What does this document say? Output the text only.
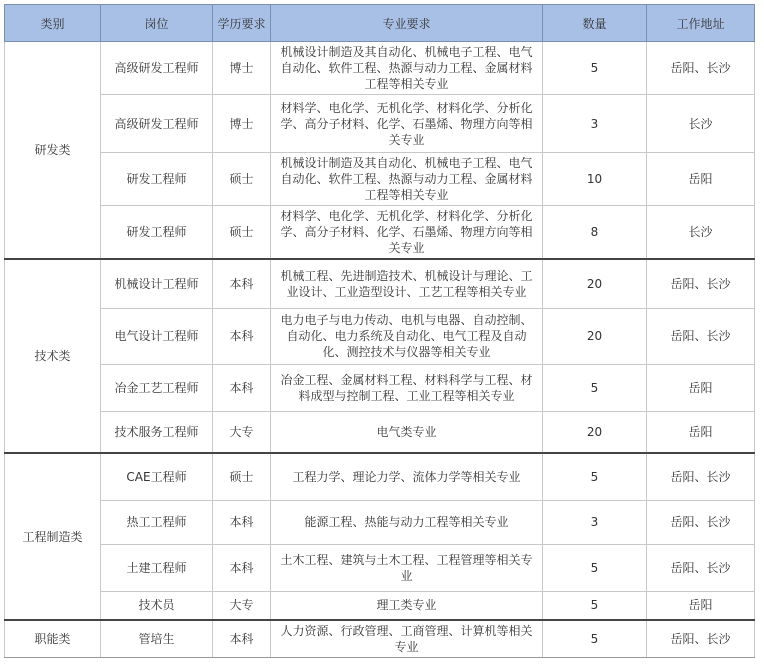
类别	岗位	学历要求	专业要求	数量	工作地址
研发类	高级研发工程师	博士	机械设计制造及其自动化、机械电子工程、电气自动化、软件工程、热源与动力工程、金属材料工程等相关专业	5	岳阳、长沙
	高级研发工程师	博士	材料学、电化学、无机化学、材料化学、分析化学、高分子材料、化学、石墨烯、物理方向等相关专业	3	长沙
	研发工程师	硕士	机械设计制造及其自动化、机械电子工程、电气自动化、软件工程、热源与动力工程、金属材料工程等相关专业	10	岳阳
	研发工程师	硕士	材料学、电化学、无机化学、材料化学、分析化学、高分子材料、化学、石墨烯、物理方向等相关专业	8	长沙
技术类	机械设计工程师	本科	机械工程、先进制造技术、机械设计与理论、工业设计、工业造型设计、工艺工程等相关专业	20	岳阳、长沙
	电气设计工程师	本科	电力电子与电力传动、电机与电器、自动控制、自动化、电力系统及自动化、电气工程及自动化、测控技术与仪器等相关专业	20	岳阳、长沙
	冶金工艺工程师	本科	冶金工程、金属材料工程、材料科学与工程、材料成型与控制工程、工业工程等相关专业	5	岳阳
	技术服务工程师	大专	电气类专业	20	岳阳
工程制造类	CAE工程师	硕士	工程力学、理论力学、流体力学等相关专业	5	岳阳、长沙
	热工工程师	本科	能源工程、热能与动力工程等相关专业	3	岳阳、长沙
	土建工程师	本科	土木工程、建筑与土木工程、工程管理等相关专业	5	岳阳、长沙
	技术员	大专	理工类专业	5	岳阳
职能类	管培生	本科	人力资源、行政管理、工商管理、计算机等相关专业	5	岳阳、长沙
